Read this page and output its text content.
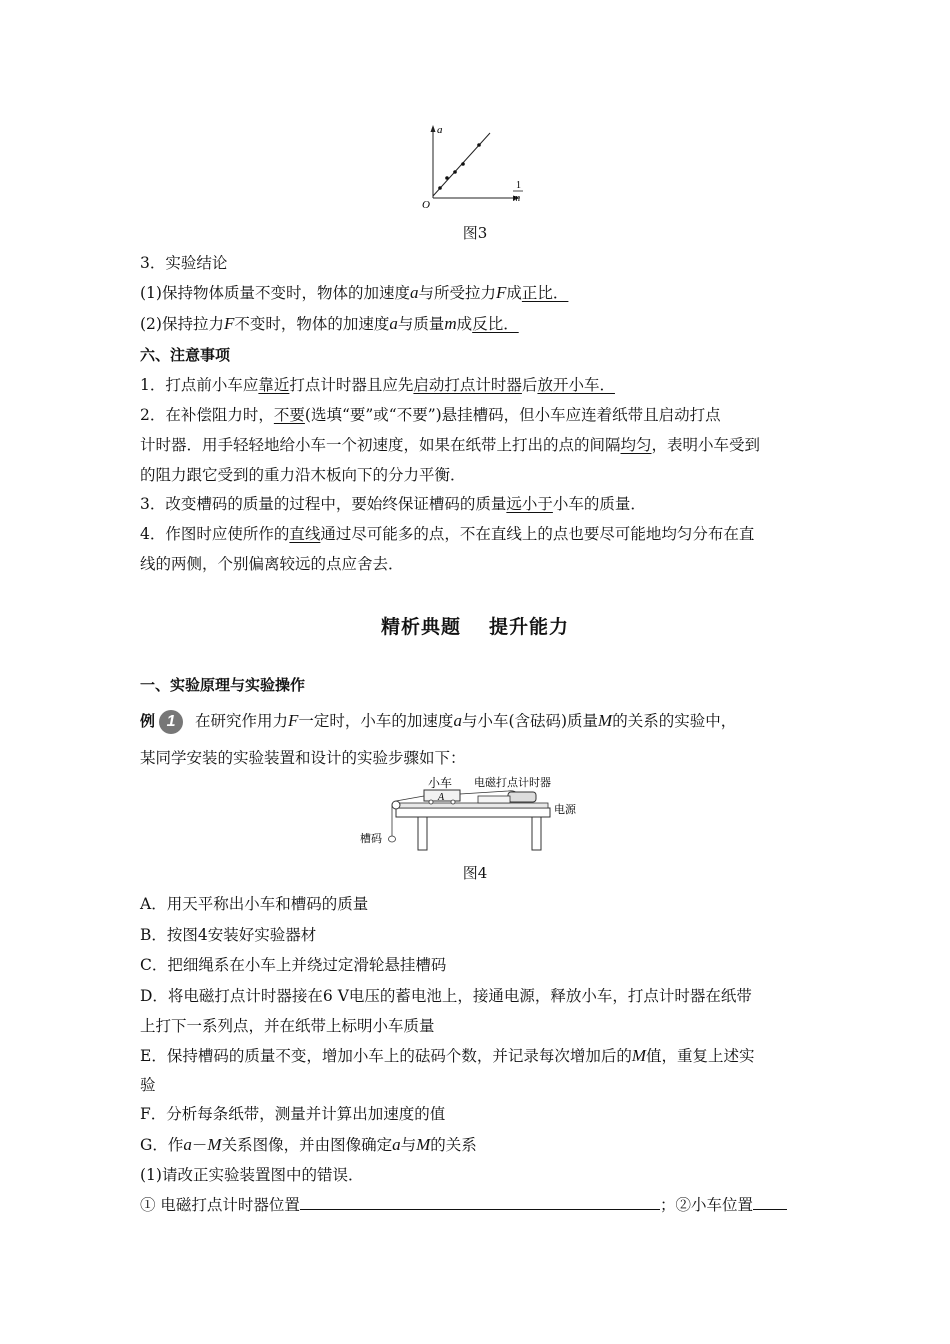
a
O
1
m
图3
3．实验结论
(1)保持物体质量不变时，物体的加速度a与所受拉力F成正比．
(2)保持拉力F不变时，物体的加速度a与质量m成反比．
六、注意事项
1．打点前小车应靠近打点计时器且应先启动打点计时器后放开小车．
2．在补偿阻力时，不要(选填“要”或“不要”)悬挂槽码，但小车应连着纸带且启动打点
计时器．用手轻轻地给小车一个初速度，如果在纸带上打出的点的间隔均匀，表明小车受到
的阻力跟它受到的重力沿木板向下的分力平衡．
3．改变槽码的质量的过程中，要始终保证槽码的质量远小于小车的质量．
4．作图时应使所作的直线通过尽可能多的点，不在直线上的点也要尽可能地均匀分布在直
线的两侧，个别偏离较远的点应舍去．
精析典题 提升能力
一、实验原理与实验操作
例 1 在研究作用力F一定时，小车的加速度a与小车(含砝码)质量M的关系的实验中，
某同学安装的实验装置和设计的实验步骤如下：
小车
A
电磁打点计时器
电源
槽码
图4
A．用天平称出小车和槽码的质量
B．按图4安装好实验器材
C．把细绳系在小车上并绕过定滑轮悬挂槽码
D．将电磁打点计时器接在6 V电压的蓄电池上，接通电源，释放小车，打点计时器在纸带
上打下一系列点，并在纸带上标明小车质量
E．保持槽码的质量不变，增加小车上的砝码个数，并记录每次增加后的M值，重复上述实
验
F．分析每条纸带，测量并计算出加速度的值
G．作a－M关系图像，并由图像确定a与M的关系
(1)请改正实验装置图中的错误．
① 电磁打点计时器位置	；②小车位置
